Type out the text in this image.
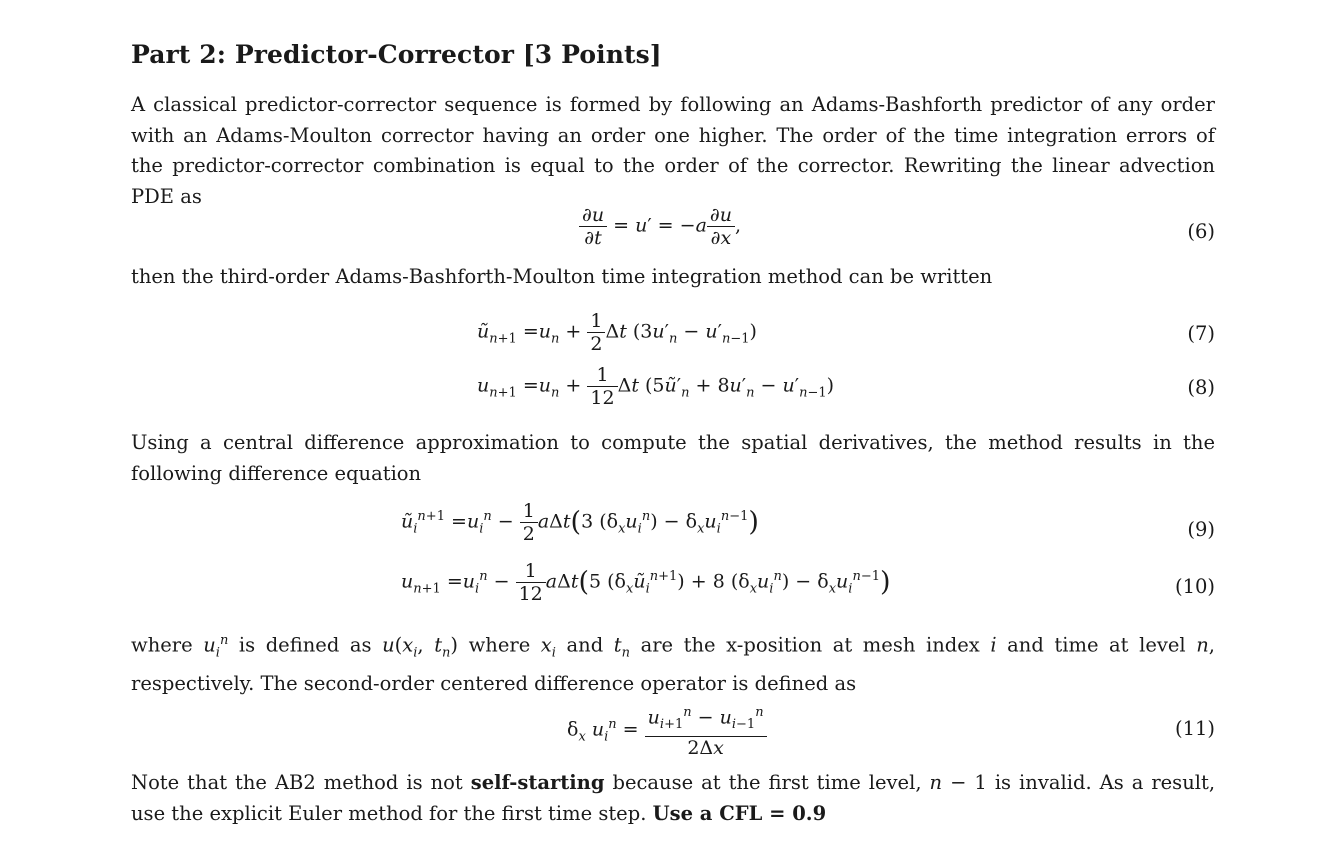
Part 2: Predictor-Corrector [3 Points]

A classical predictor-corrector sequence is formed by following an Adams-Bashforth predictor of any order
with an Adams-Moulton corrector having an order one higher. The order of the time integration errors of
the predictor-corrector combination is equal to the order of the corrector. Rewriting the linear advection
PDE as

$\frac{\partial u}{\partial t} = u' = -a \frac{\partial u}{\partial x}$ ,	(6)

then the third-order Adams-Bashforth-Moulton time integration method can be written

$ũ_{n+1} =u_n + \frac{1}{2}$ Δt $(3u'_n - u'_{n-1})$	(7)
$u_{n+1} =u_n + \frac{1}{12}$ Δt $(5ũ'_n + 8u'_n - u'_{n-1})$	(8)

Using a central difference approximation to compute the spatial derivatives, the method results in the
following difference equation

$ũ_i^{n+1} =u_i^n - \frac{1}{2} a\Delta t(3$ $(\delta_xu_i^n) - \delta_xu_i^{n-1}$)	(9)
$u_{n+1} =u_i^n - \frac{1}{12} a\Delta t(5$ $(\delta_xũ_i^{n+1}) + 8$ $(\delta_xu_i^n) - \delta_xu_i^{n-1}$)	(10)

where $u_i^n$ is defined as $u(x_i$, $t_n$) where $x_i$ and $t_n$ are the x-position at mesh index i and time at level n,
respectively. The second-order centered difference operator is defined as

$\delta_x$ $u_i^n = \frac{u_{i+1}^n - u_{i-1}^n}{2\Delta x}$	(11)

Note that the AB2 method is not self-starting because at the first time level, n − 1 is invalid. As a result,
use the explicit Euler method for the first time step. Use a CFL = 0.9
